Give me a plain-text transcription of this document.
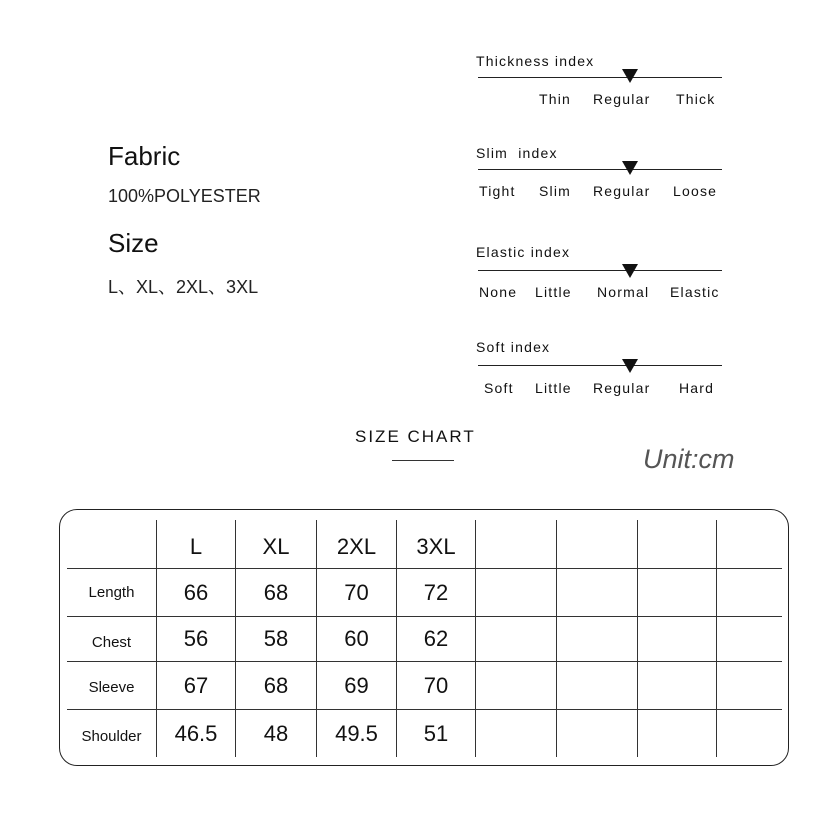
Fabric
100%POLYESTER
Size
L、XL、2XL、3XL
Thickness index
Thin Regular Thick
Slim  index
Tight Slim Regular Loose
Elastic index
None Little Normal Elastic
Soft index
Soft Little Regular Hard
SIZE CHART
Unit:cm
L	XL	2XL	3XL
Length	66	68	70	72
Chest	56	58	60	62
Sleeve	67	68	69	70
Shoulder	46.5	48	49.5	51
